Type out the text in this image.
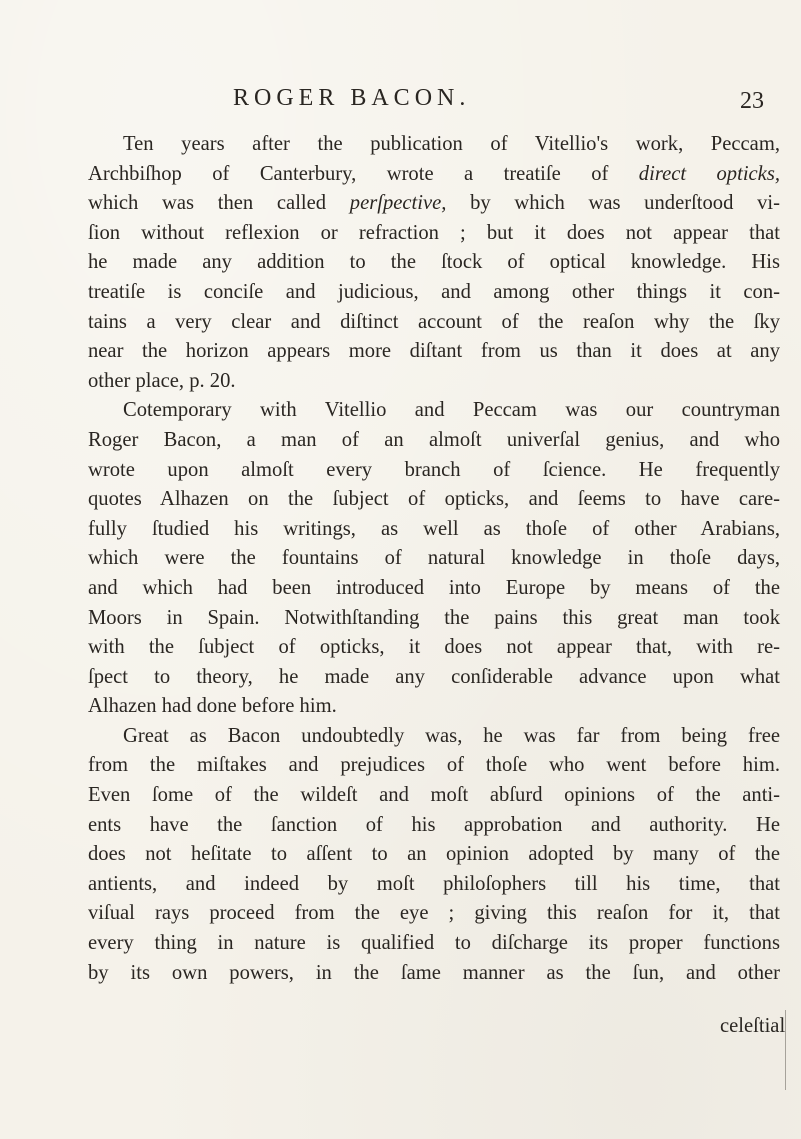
ROGER BACON.	23
Ten years after the publication of Vitellio's work, Peccam,
Archbiſhop of Canterbury, wrote a treatiſe of direct opticks,
which was then called perſpective, by which was underſtood vi-
ſion without reflexion or refraction ; but it does not appear that
he made any addition to the ſtock of optical knowledge. His
treatiſe is conciſe and judicious, and among other things it con-
tains a very clear and diſtinct account of the reaſon why the ſky
near the horizon appears more diſtant from us than it does at any
other place, p. 20.
Cotemporary with Vitellio and Peccam was our countryman
Roger Bacon, a man of an almoſt univerſal genius, and who
wrote upon almoſt every branch of ſcience. He frequently
quotes Alhazen on the ſubject of opticks, and ſeems to have care-
fully ſtudied his writings, as well as thoſe of other Arabians,
which were the fountains of natural knowledge in thoſe days,
and which had been introduced into Europe by means of the
Moors in Spain. Notwithſtanding the pains this great man took
with the ſubject of opticks, it does not appear that, with re-
ſpect to theory, he made any conſiderable advance upon what
Alhazen had done before him.
Great as Bacon undoubtedly was, he was far from being free
from the miſtakes and prejudices of thoſe who went before him.
Even ſome of the wildeſt and moſt abſurd opinions of the anti-
ents have the ſanction of his approbation and authority. He
does not heſitate to aſſent to an opinion adopted by many of the
antients, and indeed by moſt philoſophers till his time, that
viſual rays proceed from the eye ; giving this reaſon for it, that
every thing in nature is qualified to diſcharge its proper functions
by its own powers, in the ſame manner as the ſun, and other
celeſtial
